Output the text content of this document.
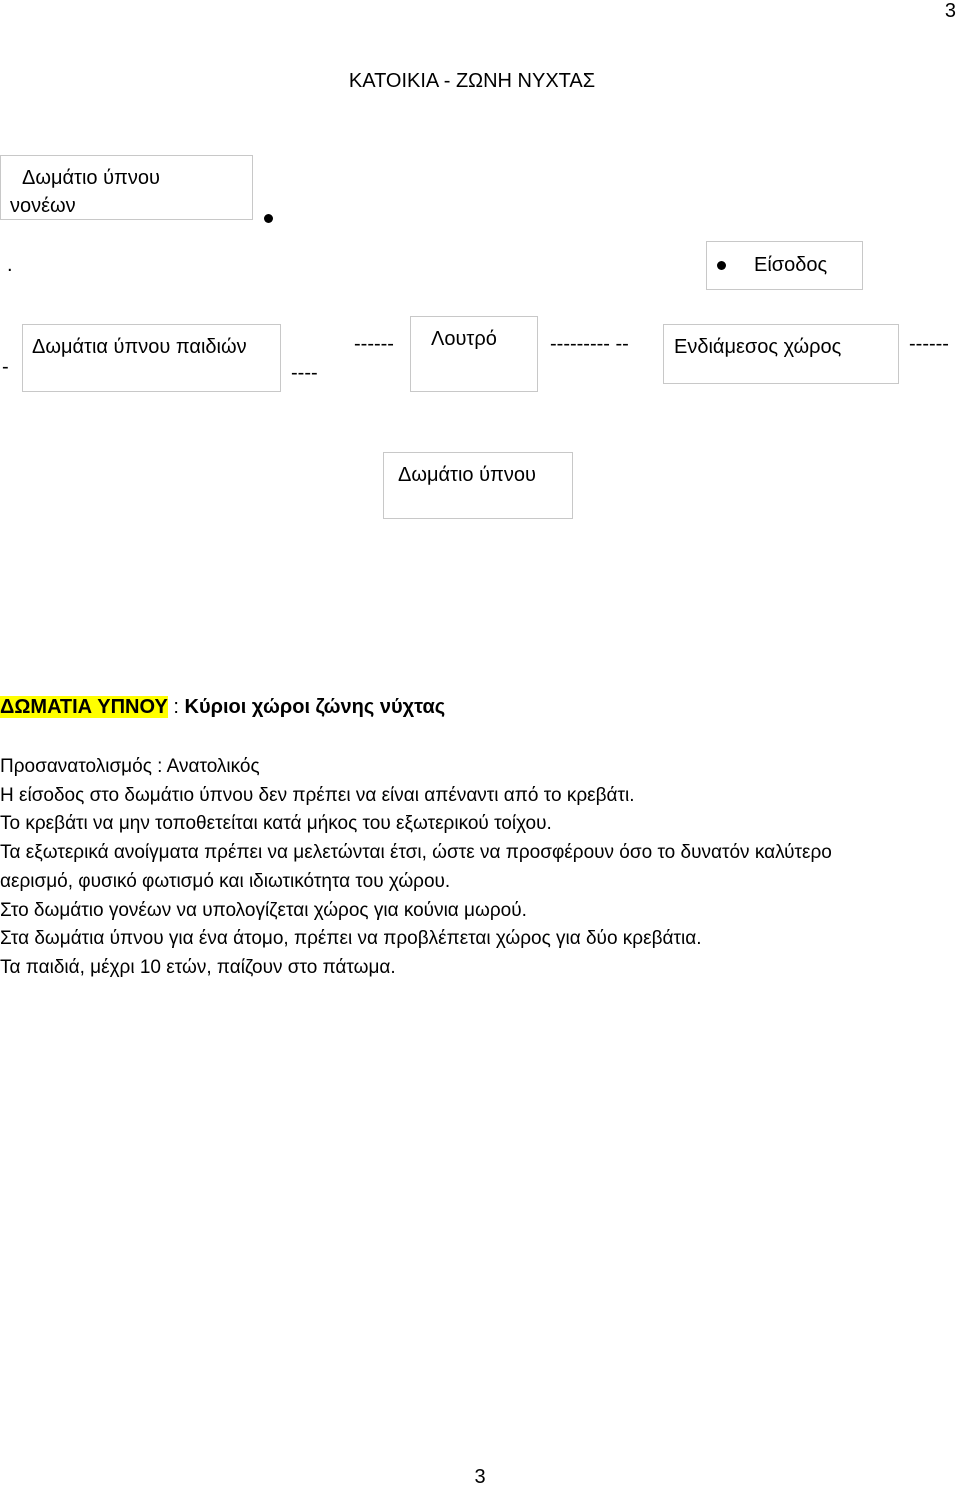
3
ΚΑΤΟΙΚΙΑ - ΖΩΝΗ ΝΥΧΤΑΣ
Δωμάτιο ύπνου
νονέων
.	Είσοδος
-
Δωμάτια ύπνου παιδιών
----
------	Λουτρό	--------- --	Ενδιάμεσος χώρος	------
Δωμάτιο ύπνου
ΔΩΜΑΤΙΑ ΥΠΝΟΥ : Κύριοι χώροι ζώνης νύχτας
Προσανατολισμός : Ανατολικός
Η είσοδος στο δωμάτιο ύπνου δεν πρέπει να είναι απέναντι από το κρεβάτι.
Το κρεβάτι να μην τοποθετείται κατά μήκος του εξωτερικού τοίχου.
Τα εξωτερικά ανοίγματα πρέπει να μελετώνται έτσι, ώστε να προσφέρουν όσο το δυνατόν καλύτερο
αερισμό, φυσικό φωτισμό και ιδιωτικότητα του χώρου.
Στο δωμάτιο γονέων να υπολογίζεται χώρος για κούνια μωρού.
Στα δωμάτια ύπνου για ένα άτομο, πρέπει να προβλέπεται χώρος για δύο κρεβάτια.
Τα παιδιά, μέχρι 10 ετών, παίζουν στο πάτωμα.
3
